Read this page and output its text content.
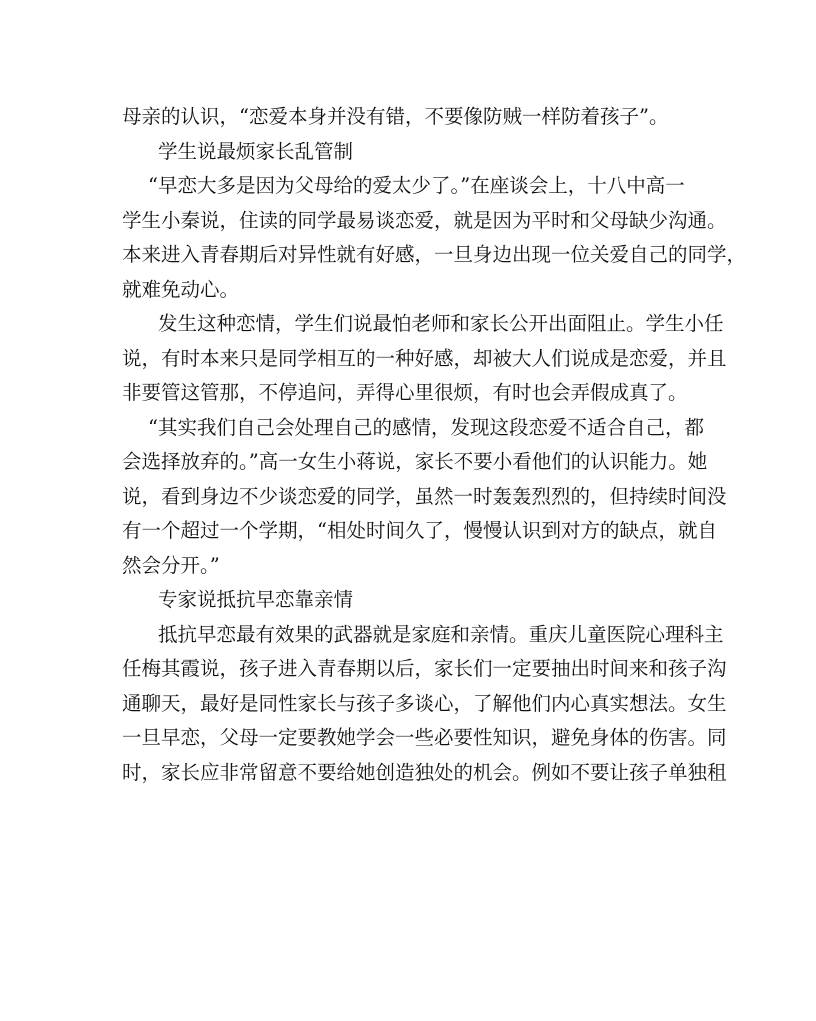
母亲的认识，“恋爱本身并没有错，不要像防贼一样防着孩子”。
学生说最烦家长乱管制
“早恋大多是因为父母给的爱太少了。”在座谈会上，十八中高一
学生小秦说，住读的同学最易谈恋爱，就是因为平时和父母缺少沟通。
本来进入青春期后对异性就有好感，一旦身边出现一位关爱自己的同学，
就难免动心。
发生这种恋情，学生们说最怕老师和家长公开出面阻止。学生小任
说，有时本来只是同学相互的一种好感，却被大人们说成是恋爱，并且
非要管这管那，不停追问，弄得心里很烦，有时也会弄假成真了。
“其实我们自己会处理自己的感情，发现这段恋爱不适合自己，都
会选择放弃的。”高一女生小蒋说，家长不要小看他们的认识能力。她
说，看到身边不少谈恋爱的同学，虽然一时轰轰烈烈的，但持续时间没
有一个超过一个学期，“相处时间久了，慢慢认识到对方的缺点，就自
然会分开。”
专家说抵抗早恋靠亲情
抵抗早恋最有效果的武器就是家庭和亲情。重庆儿童医院心理科主
任梅其霞说，孩子进入青春期以后，家长们一定要抽出时间来和孩子沟
通聊天，最好是同性家长与孩子多谈心，了解他们内心真实想法。女生
一旦早恋，父母一定要教她学会一些必要性知识，避免身体的伤害。同
时，家长应非常留意不要给她创造独处的机会。例如不要让孩子单独租
